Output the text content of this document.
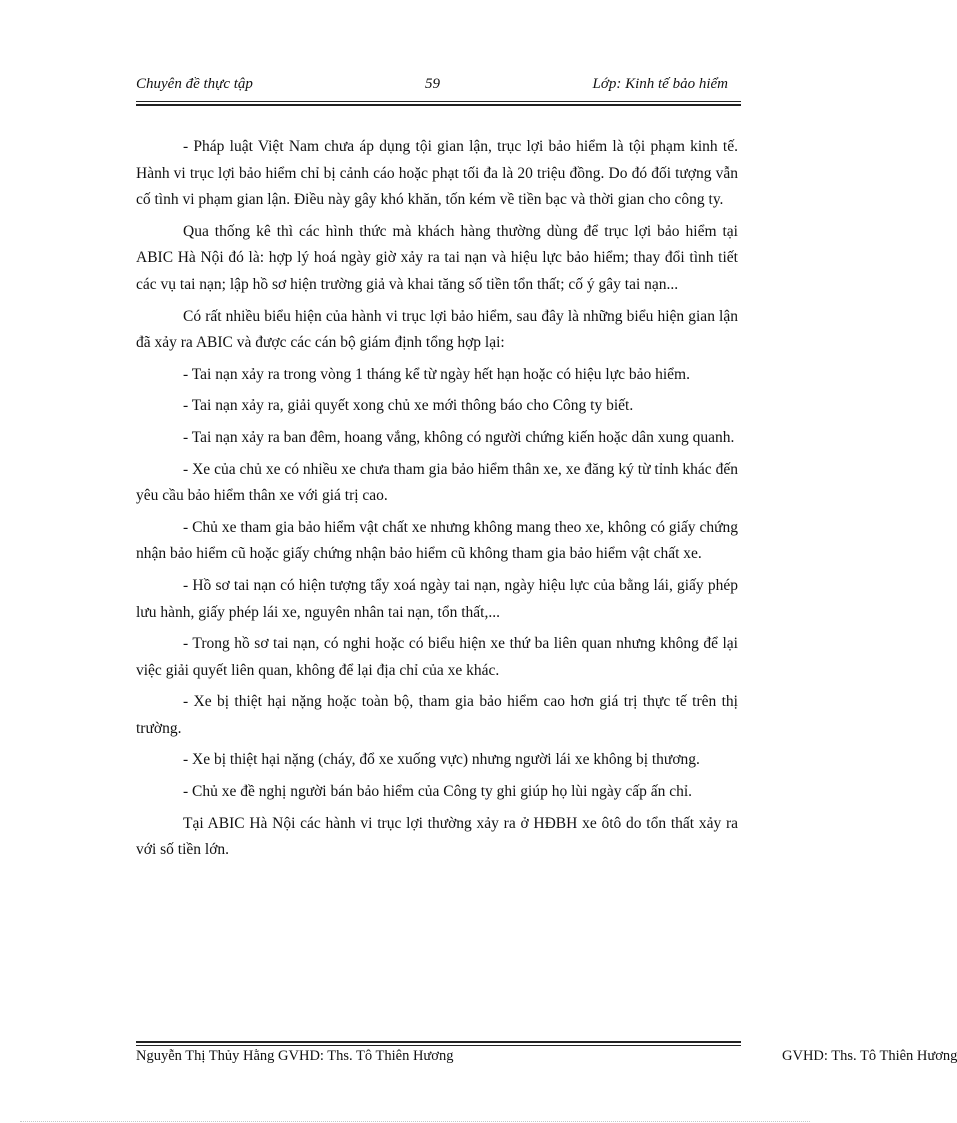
Chuyên đề thực tập	59	Lớp: Kinh tế bảo hiểm

- Pháp luật Việt Nam chưa áp dụng tội gian lận, trục lợi bảo hiểm là tội phạm kinh tế. Hành vi trục lợi bảo hiểm chỉ bị cảnh cáo hoặc phạt tối đa là 20 triệu đồng. Do đó đối tượng vẫn cố tình vi phạm gian lận. Điều này gây khó khăn, tốn kém về tiền bạc và thời gian cho công ty.

Qua thống kê thì các hình thức mà khách hàng thường dùng để trục lợi bảo hiểm tại ABIC Hà Nội đó là: hợp lý hoá ngày giờ xảy ra tai nạn và hiệu lực bảo hiểm; thay đổi tình tiết các vụ tai nạn; lập hồ sơ hiện trường giả và khai tăng số tiền tổn thất; cố ý gây tai nạn...

Có rất nhiều biểu hiện của hành vi trục lợi bảo hiểm, sau đây là những biểu hiện gian lận đã xảy ra ABIC và được các cán bộ giám định tổng hợp lại:

- Tai nạn xảy ra trong vòng 1 tháng kể từ ngày hết hạn hoặc có hiệu lực bảo hiểm.

- Tai nạn xảy ra, giải quyết xong chủ xe mới thông báo cho Công ty biết.

- Tai nạn xảy ra ban đêm, hoang vắng, không có người chứng kiến hoặc dân xung quanh.

- Xe của chủ xe có nhiều xe chưa tham gia bảo hiểm thân xe, xe đăng ký từ tỉnh khác đến yêu cầu bảo hiểm thân xe với giá trị cao.

- Chủ xe tham gia bảo hiểm vật chất xe nhưng không mang theo xe, không có giấy chứng nhận bảo hiểm cũ hoặc giấy chứng nhận bảo hiểm cũ không tham gia bảo hiểm vật chất xe.

- Hồ sơ tai nạn có hiện tượng tẩy xoá ngày tai nạn, ngày hiệu lực của bằng lái, giấy phép lưu hành, giấy phép lái xe, nguyên nhân tai nạn, tổn thất,...

- Trong hồ sơ tai nạn, có nghi hoặc có biểu hiện xe thứ ba liên quan nhưng không để lại việc giải quyết liên quan, không để lại địa chỉ của xe khác.

- Xe bị thiệt hại nặng hoặc toàn bộ, tham gia bảo hiểm cao hơn giá trị thực tế trên thị trường.

- Xe bị thiệt hại nặng (cháy, đổ xe xuống vực) nhưng người lái xe không bị thương.

- Chủ xe đề nghị người bán bảo hiểm của Công ty ghi giúp họ lùi ngày cấp ấn chỉ.

Tại ABIC Hà Nội các hành vi trục lợi thường xảy ra ở HĐBH xe ôtô do tổn thất xảy ra với số tiền lớn.

Nguyễn Thị Thủy Hằng GVHD: Ths. Tô Thiên Hương	GVHD: Ths. Tô Thiên Hương
